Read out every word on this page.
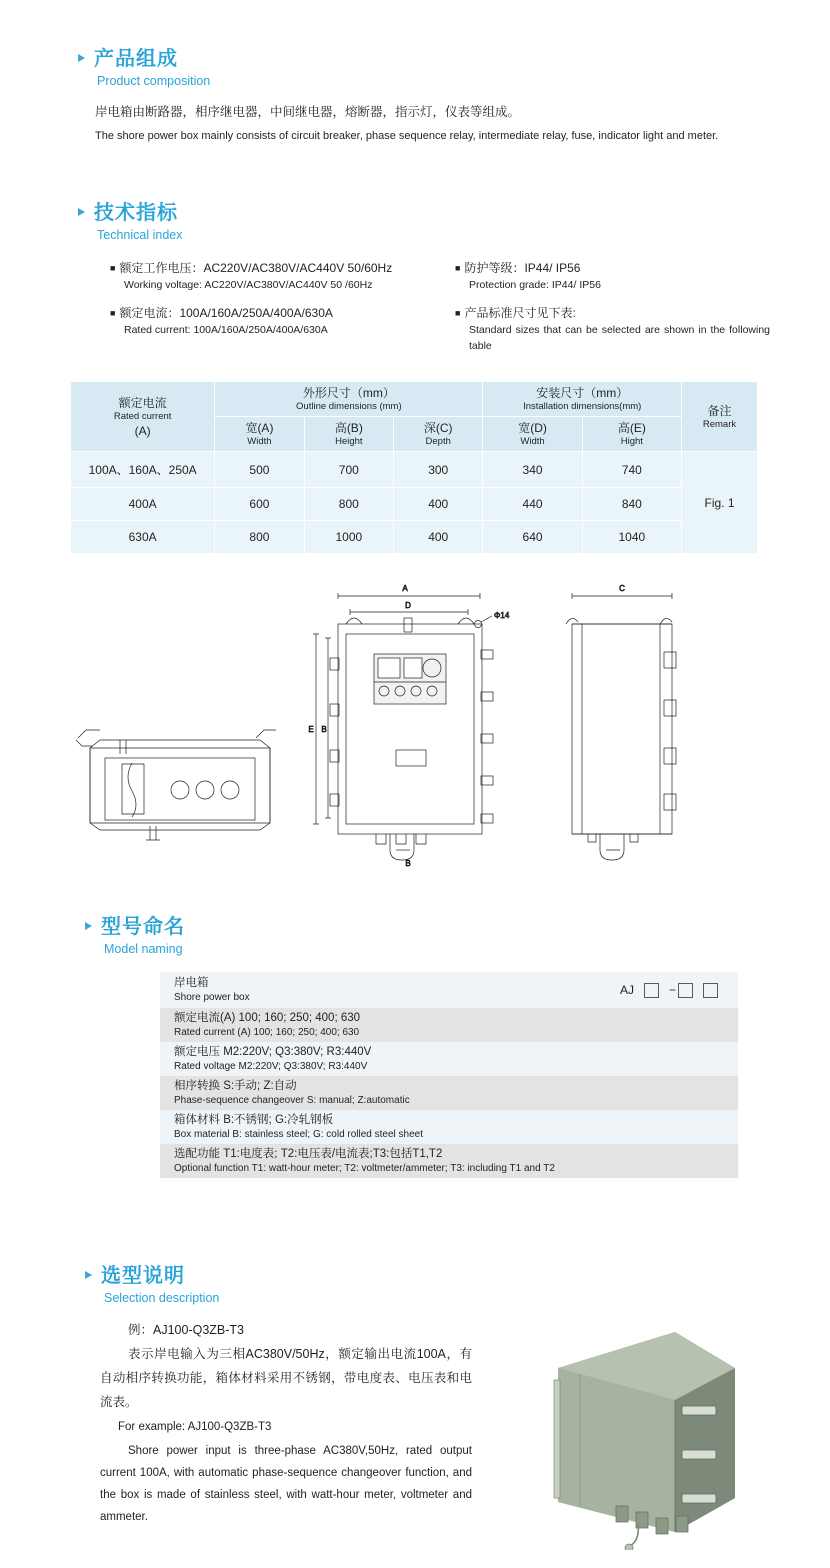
产品组成
Product composition
岸电箱由断路器，相序继电器，中间继电器，熔断器，指示灯，仪表等组成。
The shore power box mainly consists of circuit breaker, phase sequence relay, intermediate relay, fuse, indicator light and meter.
技术指标
Technical index
■ 额定工作电压：AC220V/AC380V/AC440V 50/60Hz
Working voltage: AC220V/AC380V/AC440V 50 /60Hz
■ 额定电流：100A/160A/250A/400A/630A
Rated current: 100A/160A/250A/400A/630A
■ 防护等级：IP44/ IP56
Protection grade: IP44/ IP56
■ 产品标准尺寸见下表:
Standard sizes that can be selected are shown in the following table
额定电流
Rated current
(A)	外形尺寸（mm）
Outline dimensions (mm)			安装尺寸（mm）
Installation dimensions(mm)		备注
Remark

	宽(A)
Width	高(B)
Height	深(C)
Depth	宽(D)
Width	高(E)
Hight	

100A、160A、250A	500	700	300	340	740	Fig. 1
400A	600	800	400	440	840	
630A	800	1000	400	640	1040	
A
D
Φ14
E B
B
C
型号命名
Model naming
岸电箱
Shore power box	AJ	−
额定电流(A) 100; 160; 250; 400; 630
Rated current (A) 100; 160; 250; 400; 630
额定电压 M2:220V; Q3:380V; R3:440V
Rated voltage M2:220V; Q3:380V; R3:440V
相序转换 S:手动; Z:自动
Phase-sequence changeover S: manual; Z:automatic
箱体材料 B:不锈钢; G:冷轧钢板
Box material B: stainless steel; G: cold rolled steel sheet
选配功能 T1:电度表; T2:电压表/电流表;T3:包括T1,T2
Optional function T1: watt-hour meter; T2: voltmeter/ammeter; T3: including T1 and T2
选型说明
Selection description
例：AJ100-Q3ZB-T3
表示岸电输入为三相AC380V/50Hz，额定输出电流100A，有自动相序转换功能，箱体材料采用不锈钢，带电度表、电压表和电流表。
For example: AJ100-Q3ZB-T3
Shore power input is three-phase AC380V,50Hz, rated output current 100A, with automatic phase-sequence changeover function, and the box is made of stainless steel, with watt-hour meter, voltmeter and ammeter.
